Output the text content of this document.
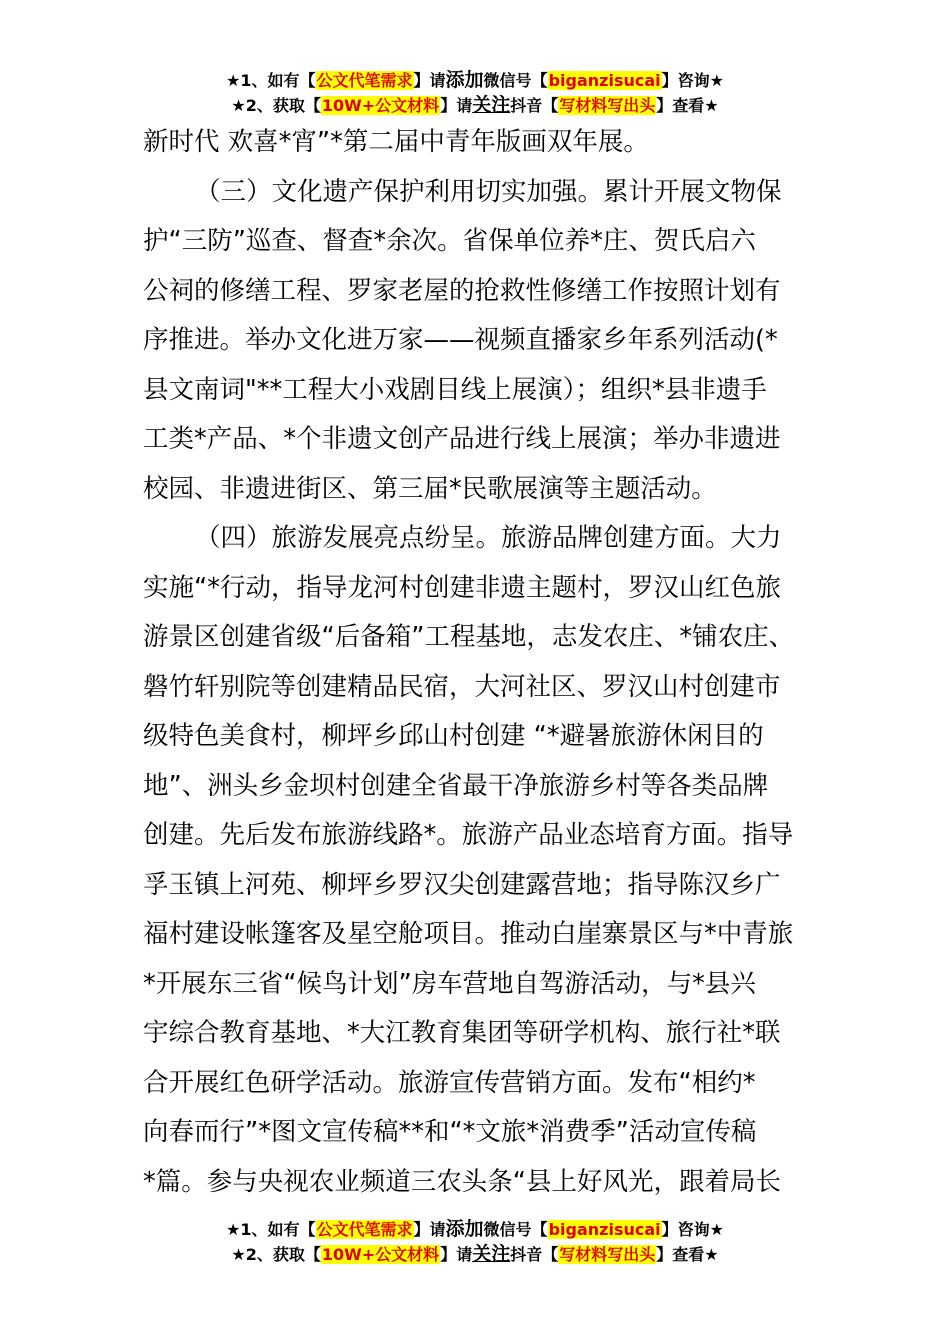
★1、如有【公文代笔需求】请添加微信号【biganzisucai】咨询★
★2、获取【10W+公文材料】请关注抖音【写材料写出头】查看★
新时代 欢喜*宵”*第二届中青年版画双年展。
（三）文化遗产保护利用切实加强。累计开展文物保
护“三防”巡查、督查*余次。省保单位养*庄、贺氏启六
公祠的修缮工程、罗家老屋的抢救性修缮工作按照计划有
序推进。举办文化进万家——视频直播家乡年系列活动(*
县文南词"**工程大小戏剧目线上展演）；组织*县非遗手
工类*产品、*个非遗文创产品进行线上展演；举办非遗进
校园、非遗进街区、第三届*民歌展演等主题活动。
（四）旅游发展亮点纷呈。旅游品牌创建方面。大力
实施“*行动，指导龙河村创建非遗主题村，罗汉山红色旅
游景区创建省级“后备箱”工程基地，志发农庄、*铺农庄、
磐竹轩别院等创建精品民宿，大河社区、罗汉山村创建市
级特色美食村，柳坪乡邱山村创建 “*避暑旅游休闲目的
地”、洲头乡金坝村创建全省最干净旅游乡村等各类品牌
创建。先后发布旅游线路*。旅游产品业态培育方面。指导
孚玉镇上河苑、柳坪乡罗汉尖创建露营地；指导陈汉乡广
福村建设帐篷客及星空舱项目。推动白崖寨景区与*中青旅
*开展东三省“候鸟计划”房车营地自驾游活动，与*县兴
宇综合教育基地、*大江教育集团等研学机构、旅行社*联
合开展红色研学活动。旅游宣传营销方面。发布“相约*
向春而行”*图文宣传稿**和“*文旅*消费季”活动宣传稿
*篇。参与央视农业频道三农头条“县上好风光，跟着局长
★1、如有【公文代笔需求】请添加微信号【biganzisucai】咨询★
★2、获取【10W+公文材料】请关注抖音【写材料写出头】查看★
